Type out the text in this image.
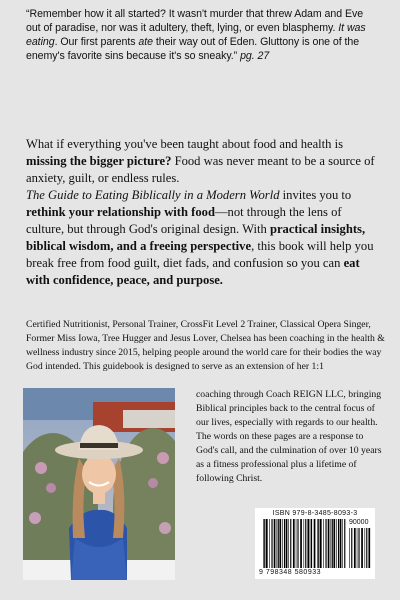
“Remember how it all started? It wasn't murder that threw Adam and Eve out of paradise, nor was it adultery, theft, lying, or even blasphemy. It was eating. Our first parents ate their way out of Eden. Gluttony is one of the enemy's favorite sins because it's so sneaky.” pg. 27

What if everything you've been taught about food and health is missing the bigger picture? Food was never meant to be a source of anxiety, guilt, or endless rules.

The Guide to Eating Biblically in a Modern World invites you to rethink your relationship with food—not through the lens of culture, but through God's original design. With practical insights, biblical wisdom, and a freeing perspective, this book will help you break free from food guilt, diet fads, and confusion so you can eat with confidence, peace, and purpose.

Certified Nutritionist, Personal Trainer, CrossFit Level 2 Trainer, Classical Opera Singer, Former Miss Iowa, Tree Hugger and Jesus Lover, Chelsea has been coaching in the health & wellness industry since 2015, helping people around the world care for their bodies the way God intended. This guidebook is designed to serve as an extension of her 1:1
coaching through Coach REIGN LLC, bringing Biblical principles back to the central focus of our lives, especially with regards to our health. The words on these pages are a response to God's call, and the culmination of over 10 years as a fitness professional plus a lifetime of following Christ.
ISBN 979-8-3485-8093-3
90000
9 798348 580933
